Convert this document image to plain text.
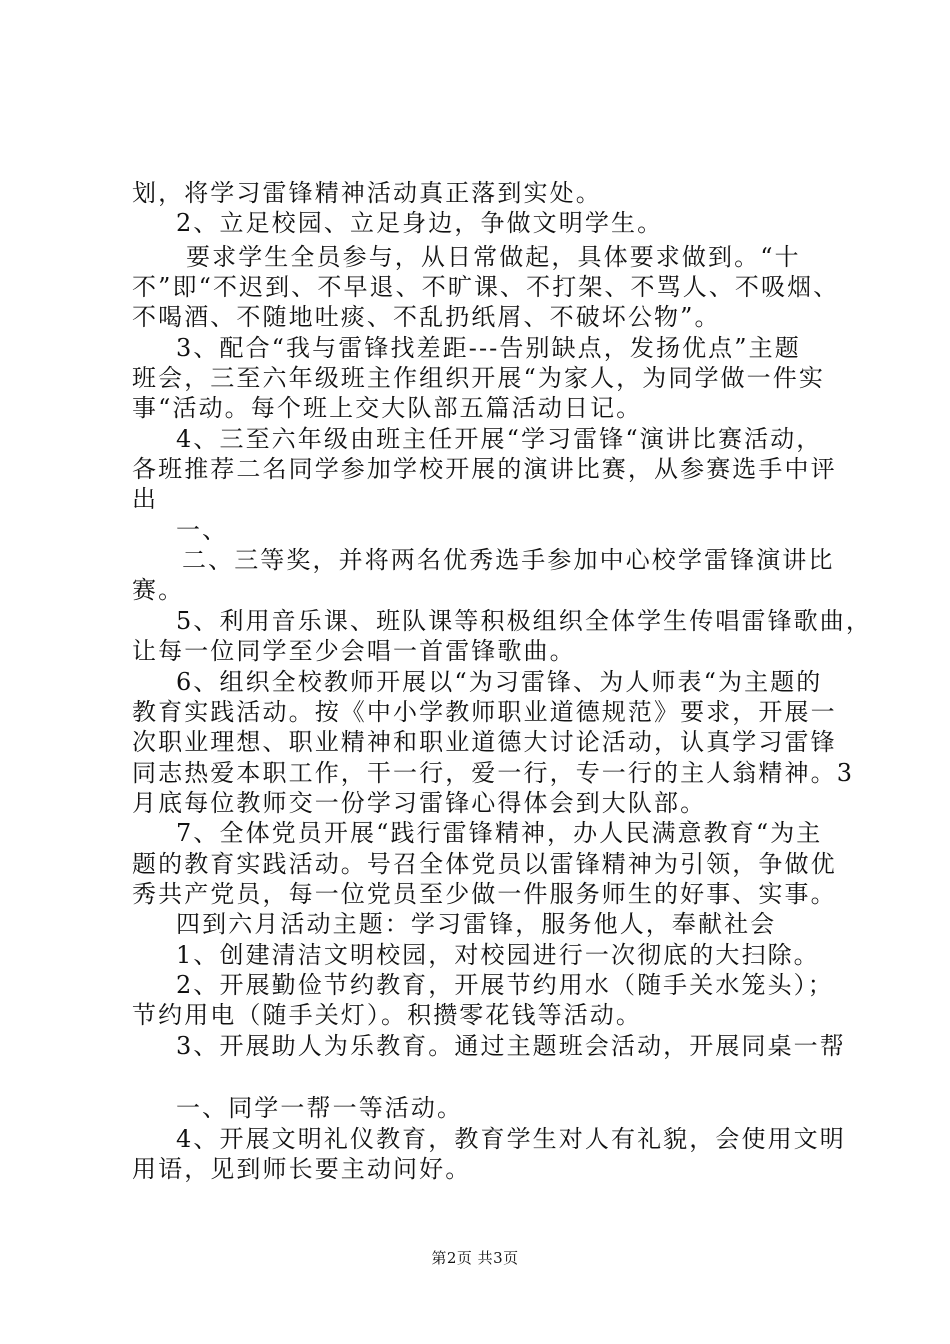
划，将学习雷锋精神活动真正落到实处。
2、立足校园、立足身边，争做文明学生。
要求学生全员参与，从日常做起，具体要求做到。“十
不”即“不迟到、不早退、不旷课、不打架、不骂人、不吸烟、
不喝酒、不随地吐痰、不乱扔纸屑、不破坏公物”。
3、配合“我与雷锋找差距---告别缺点，发扬优点”主题
班会，三至六年级班主作组织开展“为家人，为同学做一件实
事“活动。每个班上交大队部五篇活动日记。
4、三至六年级由班主任开展“学习雷锋“演讲比赛活动，
各班推荐二名同学参加学校开展的演讲比赛，从参赛选手中评
出
一、
二、三等奖，并将两名优秀选手参加中心校学雷锋演讲比
赛。
5、利用音乐课、班队课等积极组织全体学生传唱雷锋歌曲，
让每一位同学至少会唱一首雷锋歌曲。
6、组织全校教师开展以“为习雷锋、为人师表“为主题的
教育实践活动。按《中小学教师职业道德规范》要求，开展一
次职业理想、职业精神和职业道德大讨论活动，认真学习雷锋
同志热爱本职工作，干一行，爱一行，专一行的主人翁精神。3
月底每位教师交一份学习雷锋心得体会到大队部。
7、全体党员开展“践行雷锋精神，办人民满意教育“为主
题的教育实践活动。号召全体党员以雷锋精神为引领，争做优
秀共产党员，每一位党员至少做一件服务师生的好事、实事。
四到六月活动主题：学习雷锋，服务他人，奉献社会
1、创建清洁文明校园，对校园进行一次彻底的大扫除。
2、开展勤俭节约教育，开展节约用水（随手关水笼头）；
节约用电（随手关灯）。积攒零花钱等活动。
3、开展助人为乐教育。通过主题班会活动，开展同桌一帮
一、同学一帮一等活动。
4、开展文明礼仪教育，教育学生对人有礼貌，会使用文明
用语，见到师长要主动问好。
第2页 共3页
